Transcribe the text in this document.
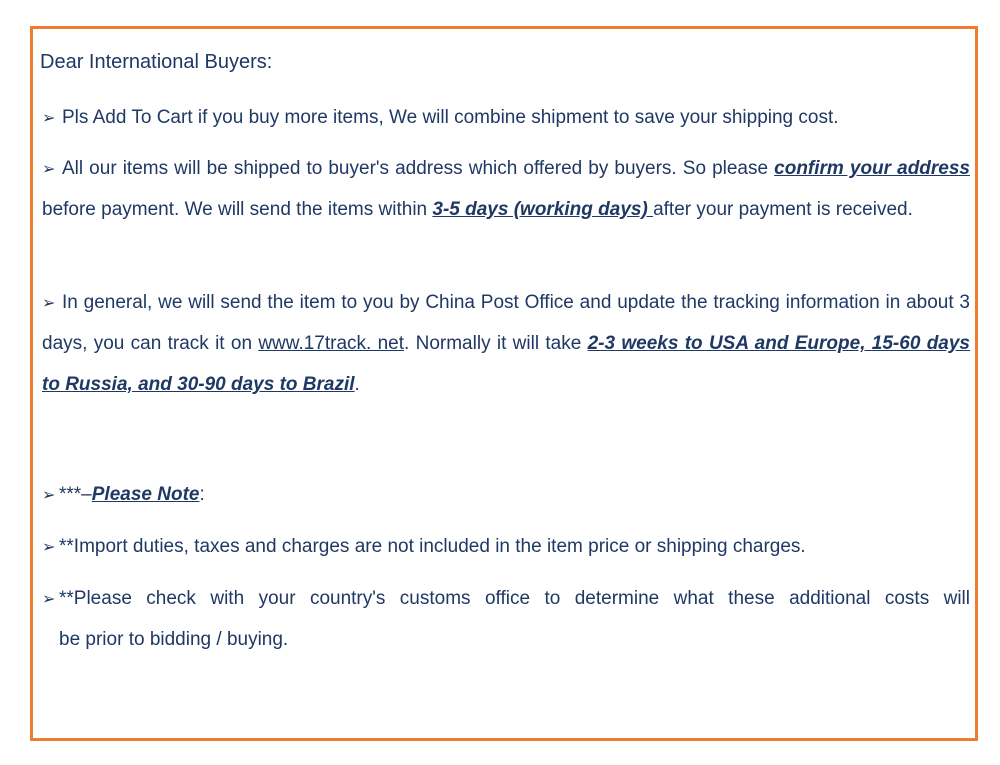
Dear International Buyers:
➢ Pls Add To Cart if you buy more items, We will combine shipment to save your shipping cost.
➢ All our items will be shipped to buyer's address which offered by buyers. So please confirm your address before payment. We will send the items within 3-5 days (working days) after your payment is received.
➢ In general, we will send the item to you by China Post Office and update the tracking information in about 3 days, you can track it on www.17track. net. Normally it will take 2-3 weeks to USA and Europe, 15-60 days to Russia, and 30-90 days to Brazil.
➢ ***–Please Note:
➢ **Import duties, taxes and charges are not included in the item price or shipping charges.
➢ **Please check with your country's customs office to determine what these additional costs will
be prior to bidding / buying.
